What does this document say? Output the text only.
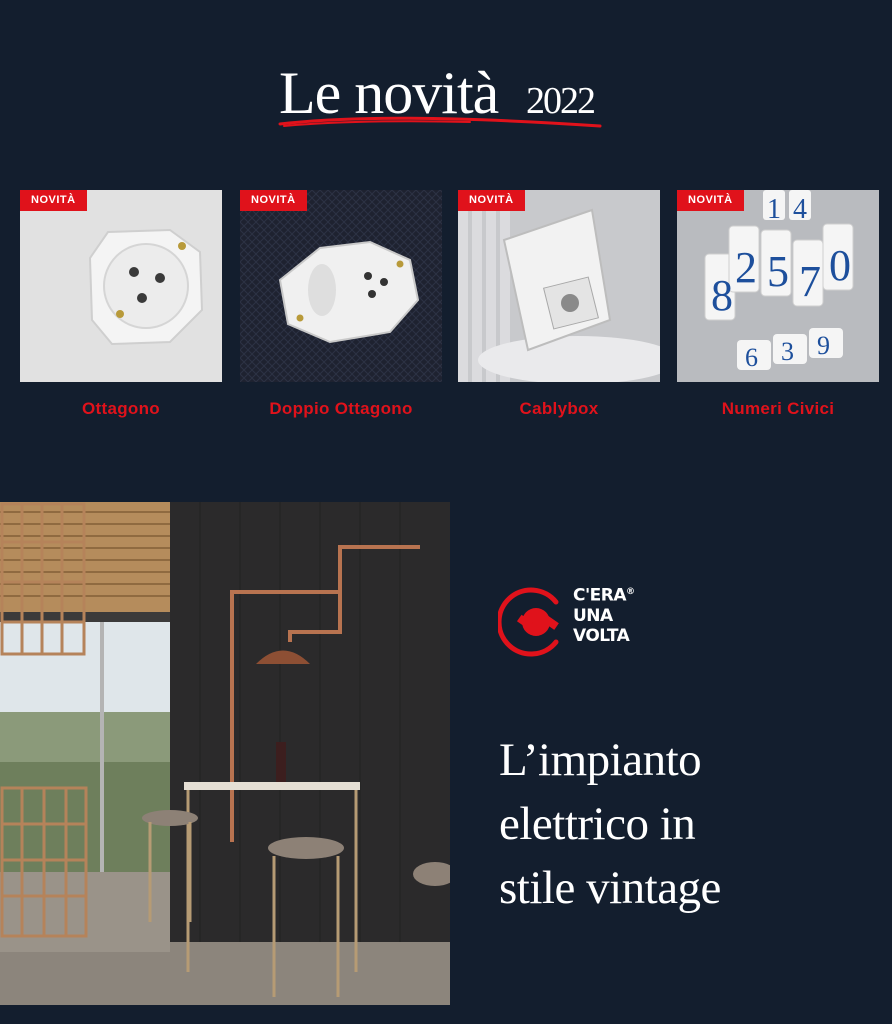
Le novità 2022
NOVITÀ
Ottagono
NOVITÀ
Doppio Ottagono
NOVITÀ
Cablybox
8
2 5 7 0
1 4
6 3 9
NOVITÀ
Numeri Civici
C'ERA®
UNA
VOLTA
L’impianto
elettrico in
stile vintage
